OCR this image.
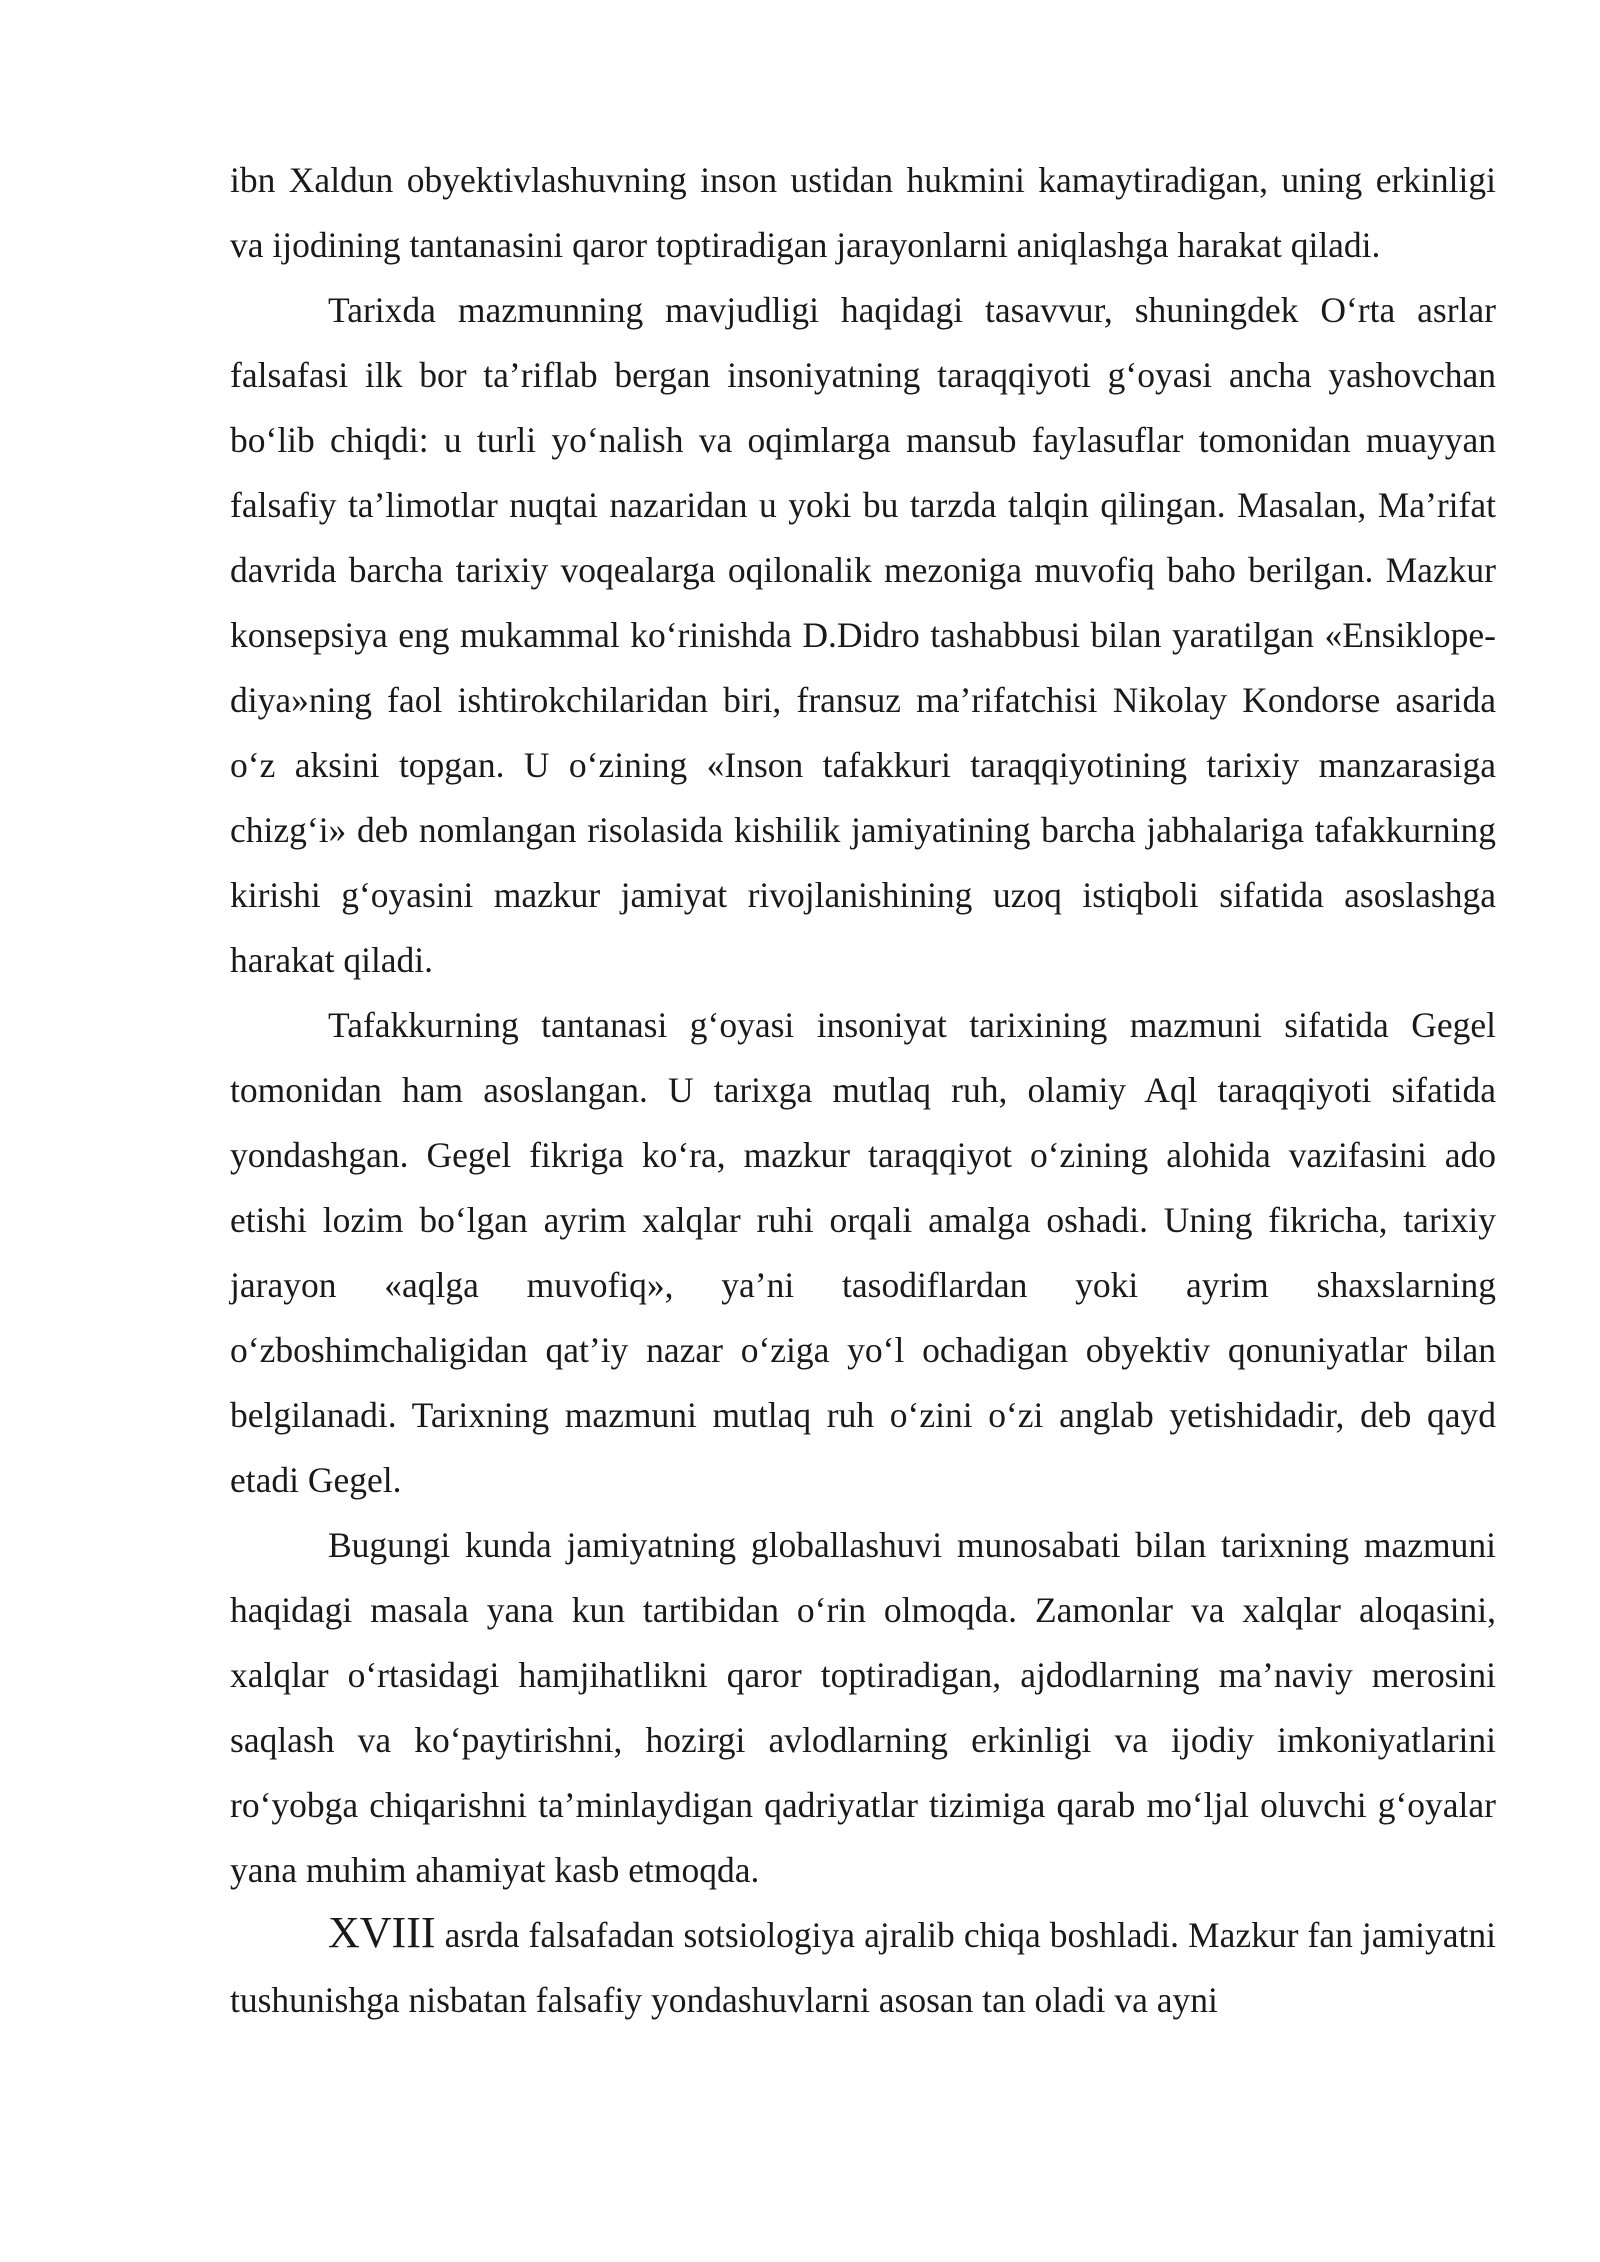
ibn Xaldun obyektivlashuvning inson ustidan hukmini kamaytiradigan, uning erkinligi va ijodining tantanasini qaror toptiradigan jarayonlarni aniqlashga harakat qiladi.

Tarixda mazmunning mavjudligi haqidagi tasavvur, shuningdek O‘rta asrlar falsafasi ilk bor ta’riflab bergan insoniyatning taraqqiyoti g‘oyasi ancha yashovchan bo‘lib chiqdi: u turli yo‘nalish va oqimlarga mansub faylasuflar tomonidan muayyan falsafiy ta’limotlar nuqtai nazaridan u yoki bu tarzda talqin qilingan. Masalan, Ma’rifat davrida barcha tarixiy voqealarga oqilonalik mezoniga muvofiq baho berilgan. Mazkur konsepsiya eng mukammal ko‘rinishda D.Didro tashabbusi bilan yaratilgan «Ensiklope- diya»ning faol ishtirokchilaridan biri, fransuz ma’rifatchisi Nikolay Kondorse asarida o‘z aksini topgan. U o‘zining «Inson tafakkuri taraqqiyotining tarixiy manzarasiga chizg‘i» deb nomlangan risolasida kishilik jamiyatining barcha jabhalariga tafakkurning kirishi g‘oyasini mazkur jamiyat rivojlanishining uzoq istiqboli sifatida asoslashga harakat qiladi.

Tafakkurning tantanasi g‘oyasi insoniyat tarixining mazmuni sifatida Gegel tomonidan ham asoslangan. U tarixga mutlaq ruh, olamiy Aql taraqqiyoti sifatida yondashgan. Gegel fikriga ko‘ra, mazkur taraqqiyot o‘zining alohida vazifasini ado etishi lozim bo‘lgan ayrim xalqlar ruhi orqali amalga oshadi. Uning fikricha, tarixiy jarayon «aqlga muvofiq», ya’ni tasodiflardan yoki ayrim shaxslarning o‘zboshimchaligidan qat’iy nazar o‘ziga yo‘l ochadigan obyektiv qonuniyatlar bilan belgilanadi. Tarixning mazmuni mutlaq ruh o‘zini o‘zi anglab yetishidadir, deb qayd etadi Gegel.

Bugungi kunda jamiyatning globallashuvi munosabati bilan tarixning mazmuni haqidagi masala yana kun tartibidan o‘rin olmoqda. Zamonlar va xalqlar aloqasini, xalqlar o‘rtasidagi hamjihatlikni qaror toptiradigan, ajdodlarning ma’naviy merosini saqlash va ko‘paytirishni, hozirgi avlodlarning erkinligi va ijodiy imkoniyatlarini ro‘yobga chiqarishni ta’minlaydigan qadriyatlar tizimiga qarab mo‘ljal oluvchi g‘oyalar yana muhim ahamiyat kasb etmoqda.

XVIII asrda falsafadan sotsiologiya ajralib chiqa boshladi. Mazkur fan jamiyatni tushunishga nisbatan falsafiy yondashuvlarni asosan tan oladi va ayni
